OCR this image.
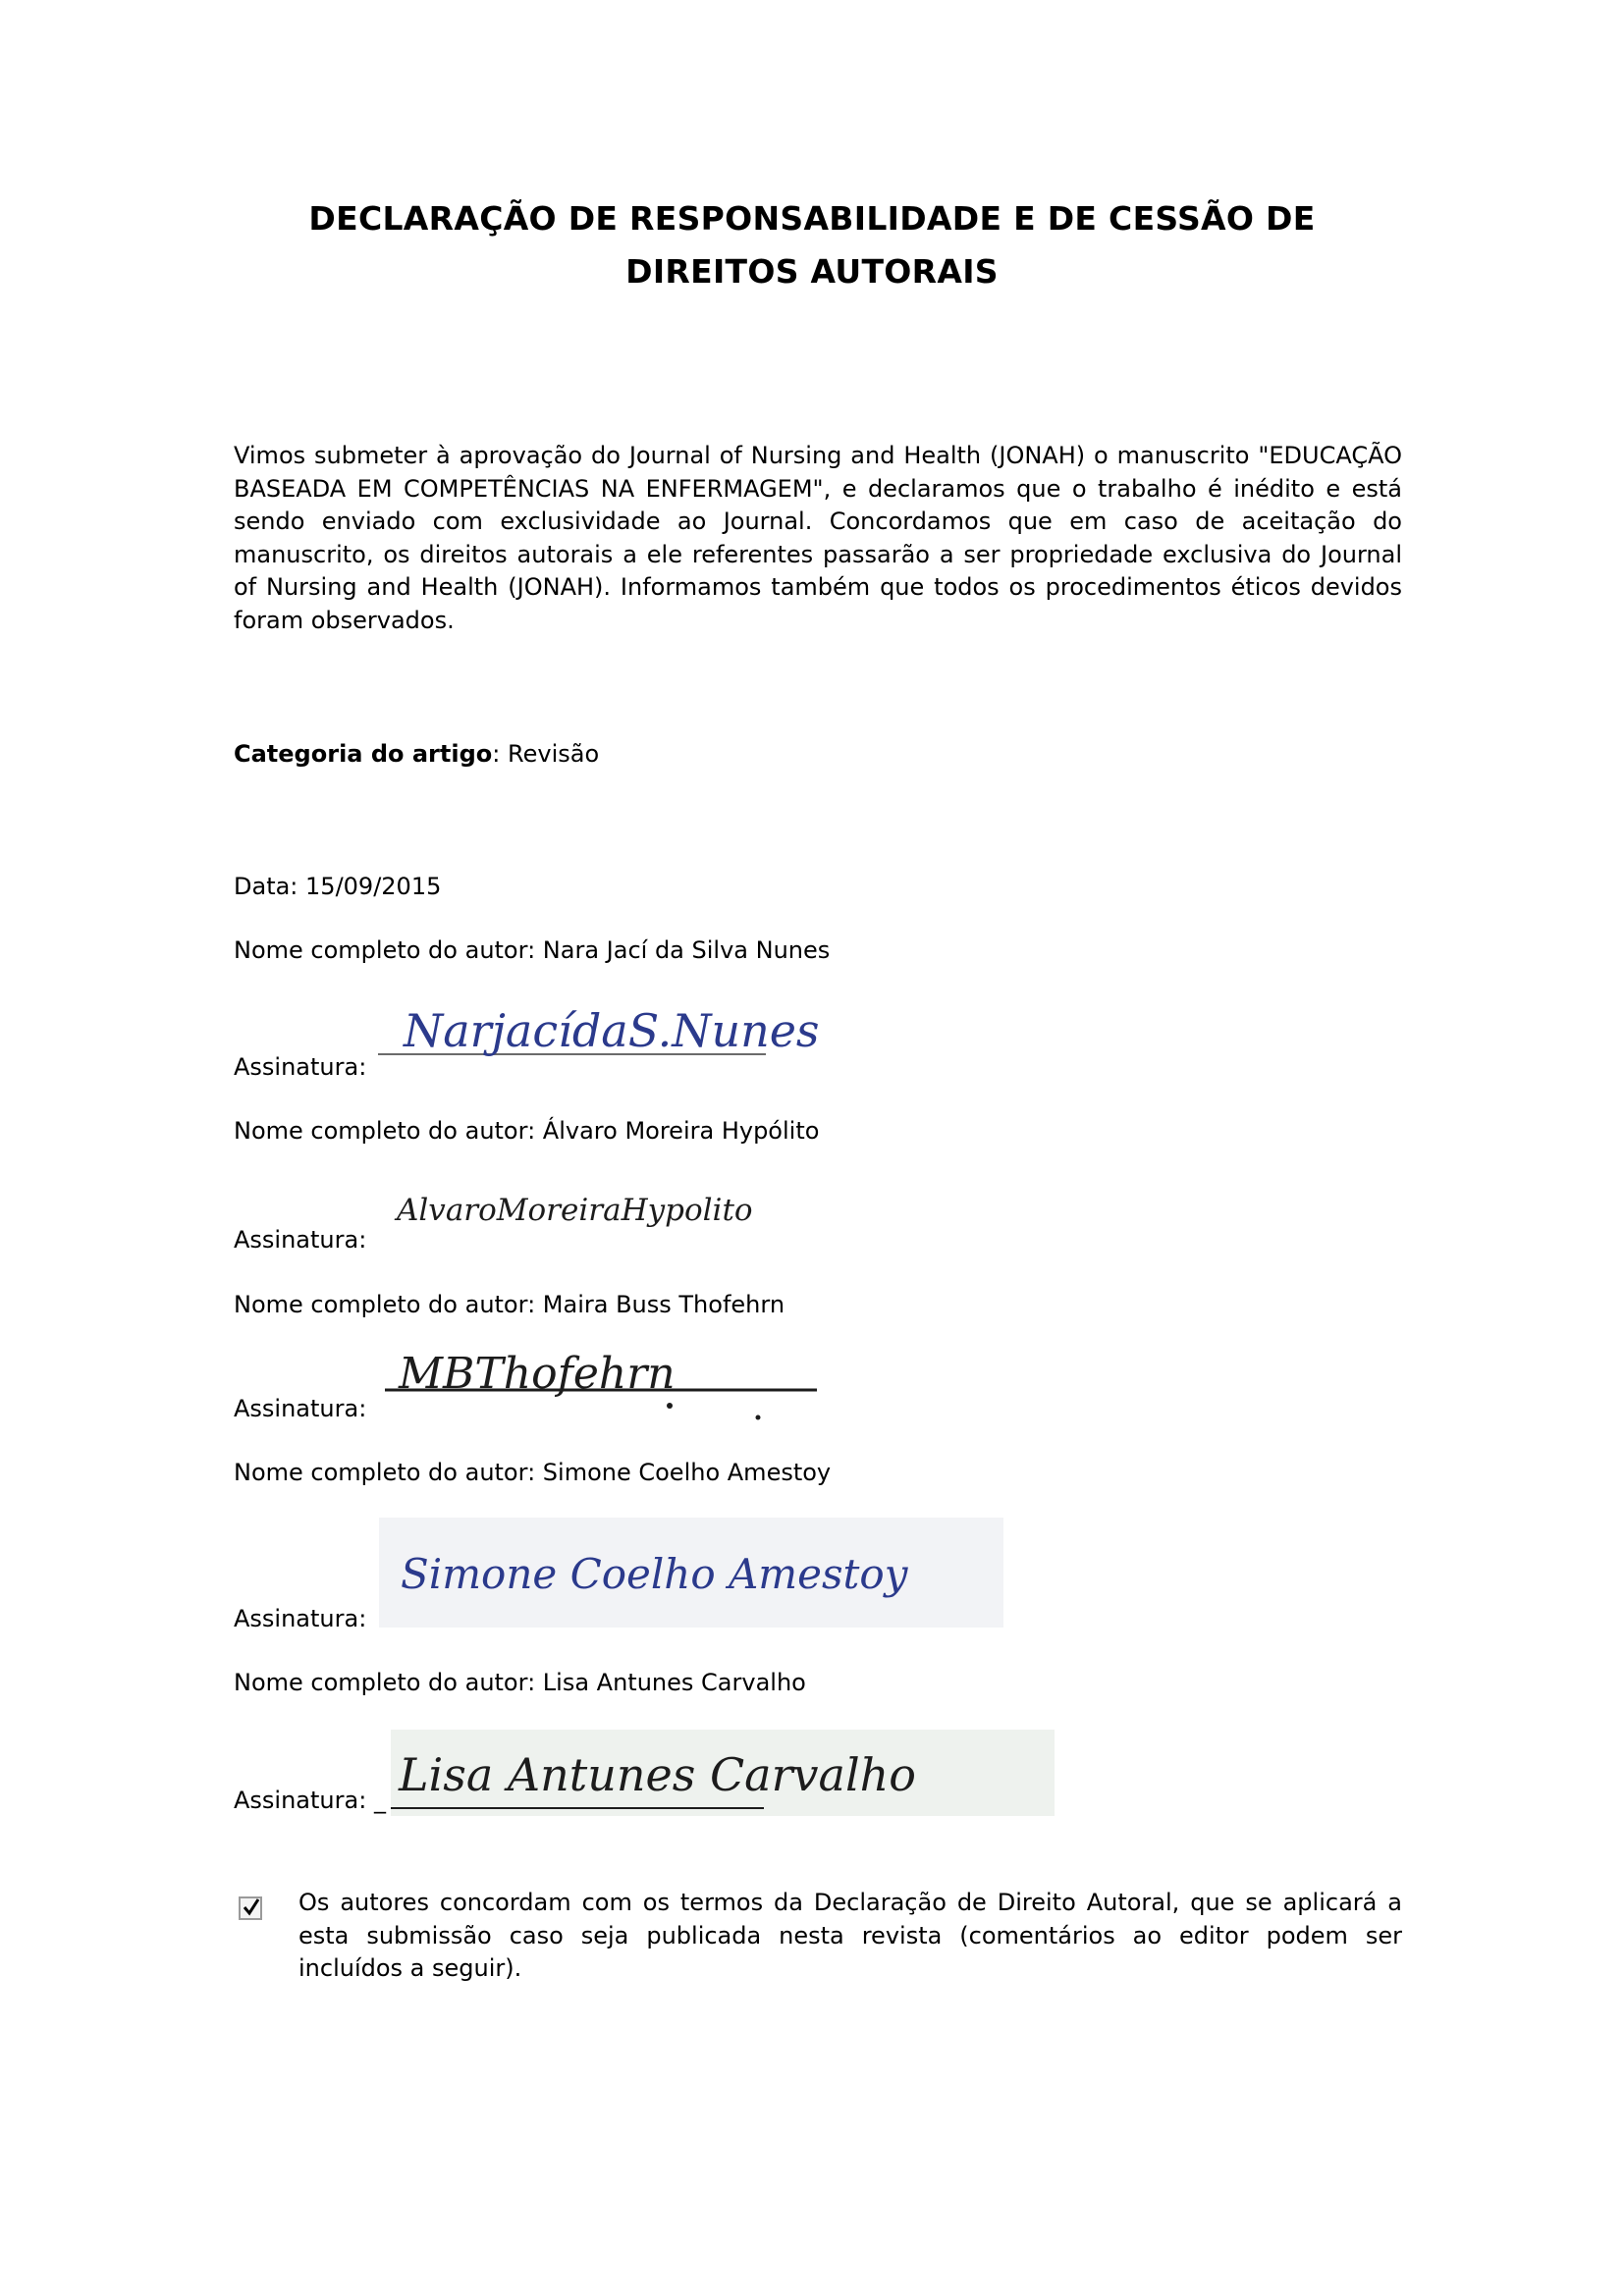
DECLARAÇÃO DE RESPONSABILIDADE E DE CESSÃO DE
DIREITOS AUTORAIS

Vimos submeter à aprovação do Journal of Nursing and Health (JONAH) o manuscrito "EDUCAÇÃO BASEADA EM COMPETÊNCIAS NA ENFERMAGEM", e declaramos que o trabalho é inédito e está sendo enviado com exclusividade ao Journal. Concordamos que em caso de aceitação do manuscrito, os direitos autorais a ele referentes passarão a ser propriedade exclusiva do Journal of Nursing and Health (JONAH). Informamos também que todos os procedimentos éticos devidos foram observados.

Categoria do artigo: Revisão
Data: 15/09/2015
Nome completo do autor: Nara Jací da Silva Nunes
Assinatura:
NarjacídaS.Nunes
Nome completo do autor: Álvaro Moreira Hypólito
Assinatura:
AlvaroMoreiraHypolito
Nome completo do autor: Maira Buss Thofehrn
Assinatura:
MBThofehrn
Nome completo do autor: Simone Coelho Amestoy
Assinatura:
Simone Coelho Amestoy
Nome completo do autor: Lisa Antunes Carvalho
Assinatura: _ Lisa Antunes Carvalho

Os autores concordam com os termos da Declaração de Direito Autoral, que se aplicará a esta submissão caso seja publicada nesta revista (comentários ao editor podem ser incluídos a seguir).
